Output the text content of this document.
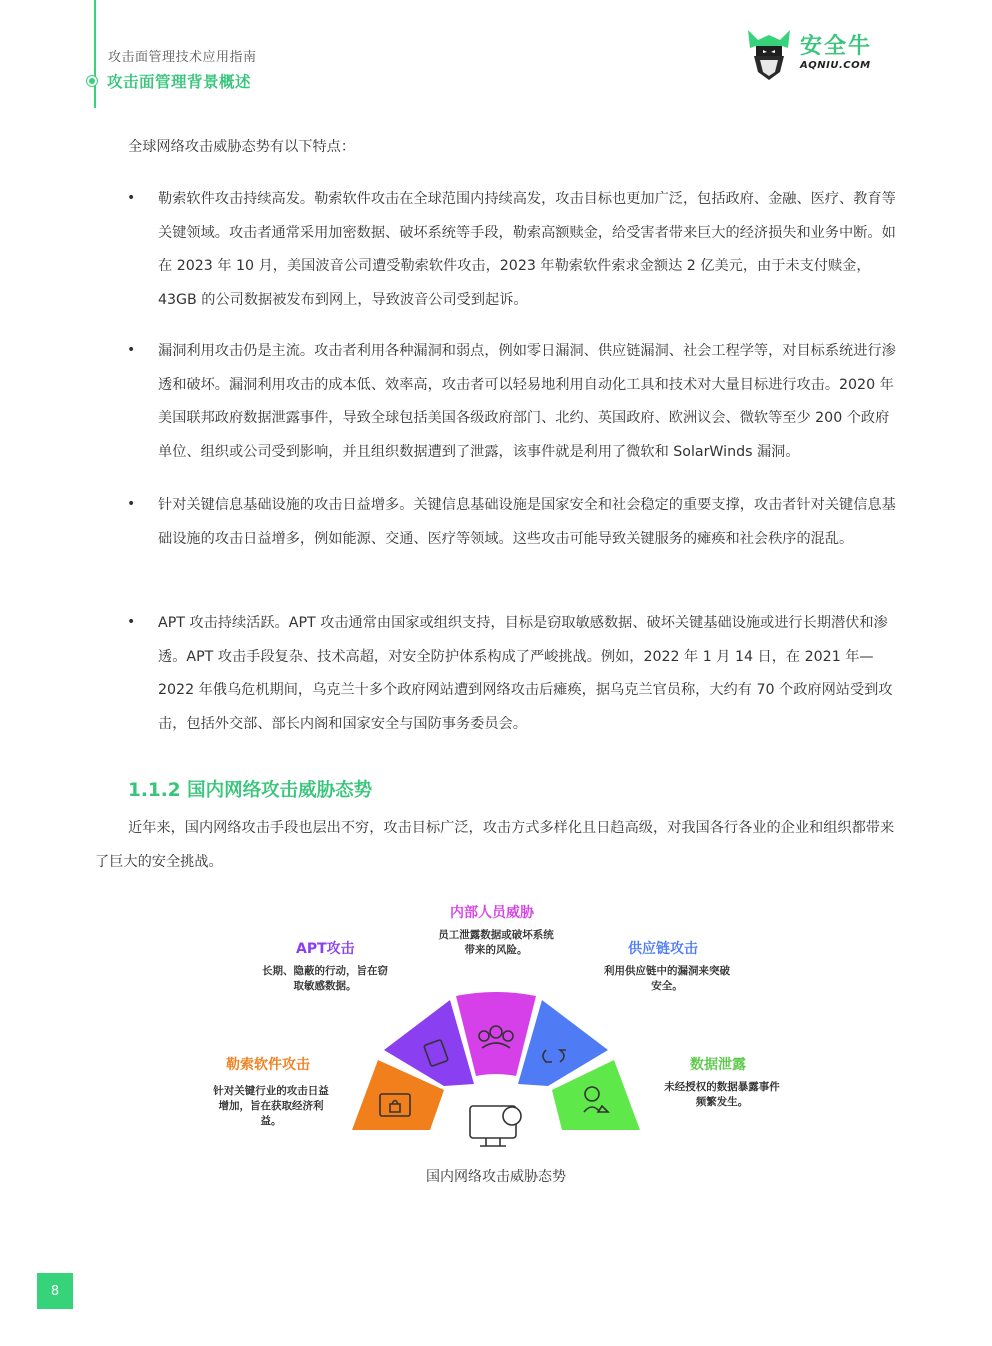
攻击面管理技术应用指南
攻击面管理背景概述
安全牛
AQNIU.COM

全球网络攻击威胁态势有以下特点：

• 勒索软件攻击持续高发。勒索软件攻击在全球范围内持续高发，攻击目标也更加广泛，包括政府、金融、医疗、教育等关键领域。攻击者通常采用加密数据、破坏系统等手段，勒索高额赎金，给受害者带来巨大的经济损失和业务中断。如在 2023 年 10 月，美国波音公司遭受勒索软件攻击，2023 年勒索软件索求金额达 2 亿美元，由于未支付赎金，43GB 的公司数据被发布到网上，导致波音公司受到起诉。

• 漏洞利用攻击仍是主流。攻击者利用各种漏洞和弱点，例如零日漏洞、供应链漏洞、社会工程学等，对目标系统进行渗透和破坏。漏洞利用攻击的成本低、效率高，攻击者可以轻易地利用自动化工具和技术对大量目标进行攻击。2020 年美国联邦政府数据泄露事件，导致全球包括美国各级政府部门、北约、英国政府、欧洲议会、微软等至少 200 个政府单位、组织或公司受到影响，并且组织数据遭到了泄露，该事件就是利用了微软和 SolarWinds 漏洞。

• 针对关键信息基础设施的攻击日益增多。关键信息基础设施是国家安全和社会稳定的重要支撑，攻击者针对关键信息基础设施的攻击日益增多，例如能源、交通、医疗等领域。这些攻击可能导致关键服务的瘫痪和社会秩序的混乱。

• APT 攻击持续活跃。APT 攻击通常由国家或组织支持，目标是窃取敏感数据、破坏关键基础设施或进行长期潜伏和渗透。APT 攻击手段复杂、技术高超，对安全防护体系构成了严峻挑战。例如，2022 年 1 月 14 日，在 2021 年—2022 年俄乌危机期间，乌克兰十多个政府网站遭到网络攻击后瘫痪，据乌克兰官员称，大约有 70 个政府网站受到攻击，包括外交部、部长内阁和国家安全与国防事务委员会。

1.1.2 国内网络攻击威胁态势

近年来，国内网络攻击手段也层出不穷，攻击目标广泛，攻击方式多样化且日趋高级，对我国各行各业的企业和组织都带来了巨大的安全挑战。

勒索软件攻击
针对关键行业的攻击日益增加，旨在获取经济利益。
APT攻击
长期、隐蔽的行动，旨在窃取敏感数据。
内部人员威胁
员工泄露数据或破坏系统带来的风险。	供应链攻击
利用供应链中的漏洞来突破安全。
数据泄露
未经授权的数据暴露事件频繁发生。
国内网络攻击威胁态势
8
